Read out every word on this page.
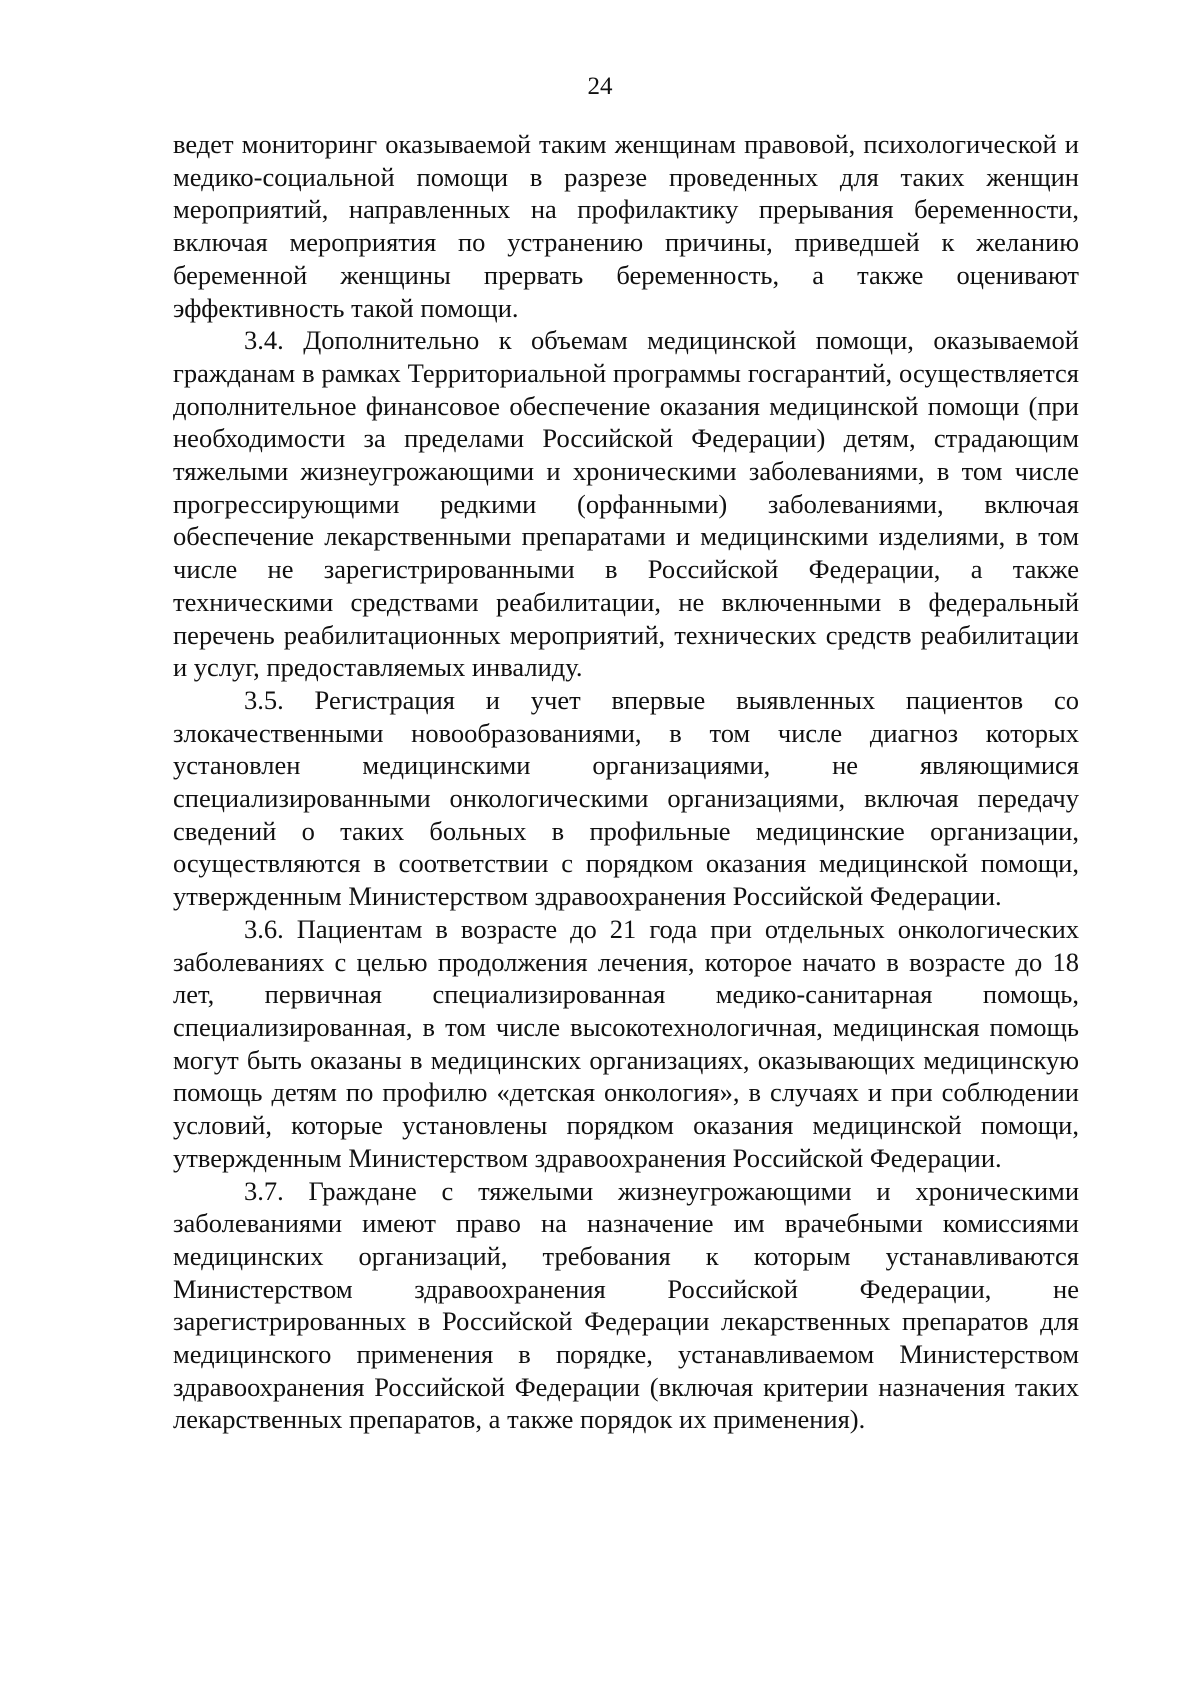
24

ведет мониторинг оказываемой таким женщинам правовой, психологической и медико-социальной помощи в разрезе проведенных для таких женщин мероприятий, направленных на профилактику прерывания беременности, включая мероприятия по устранению причины, приведшей к желанию беременной женщины прервать беременность, а также оценивают эффективность такой помощи.

3.4. Дополнительно к объемам медицинской помощи, оказываемой гражданам в рамках Территориальной программы госгарантий, осуществляется дополнительное финансовое обеспечение оказания медицинской помощи (при необходимости за пределами Российской Федерации) детям, страдающим тяжелыми жизнеугрожающими и хроническими заболеваниями, в том числе прогрессирующими редкими (орфанными) заболеваниями, включая обеспечение лекарственными препаратами и медицинскими изделиями, в том числе не зарегистрированными в Российской Федерации, а также техническими средствами реабилитации, не включенными в федеральный перечень реабилитационных мероприятий, технических средств реабилитации и услуг, предоставляемых инвалиду.

3.5. Регистрация и учет впервые выявленных пациентов со злокачественными новообразованиями, в том числе диагноз которых установлен медицинскими организациями, не являющимися специализированными онкологическими организациями, включая передачу сведений о таких больных в профильные медицинские организации, осуществляются в соответствии с порядком оказания медицинской помощи, утвержденным Министерством здравоохранения Российской Федерации.

3.6. Пациентам в возрасте до 21 года при отдельных онкологических заболеваниях с целью продолжения лечения, которое начато в возрасте до 18 лет, первичная специализированная медико-санитарная помощь, специализированная, в том числе высокотехнологичная, медицинская помощь могут быть оказаны в медицинских организациях, оказывающих медицинскую помощь детям по профилю «детская онкология», в случаях и при соблюдении условий, которые установлены порядком оказания медицинской помощи, утвержденным Министерством здравоохранения Российской Федерации.

3.7. Граждане с тяжелыми жизнеугрожающими и хроническими заболеваниями имеют право на назначение им врачебными комиссиями медицинских организаций, требования к которым устанавливаются Министерством здравоохранения Российской Федерации, не зарегистрированных в Российской Федерации лекарственных препаратов для медицинского применения в порядке, устанавливаемом Министерством здравоохранения Российской Федерации (включая критерии назначения таких лекарственных препаратов, а также порядок их применения).
